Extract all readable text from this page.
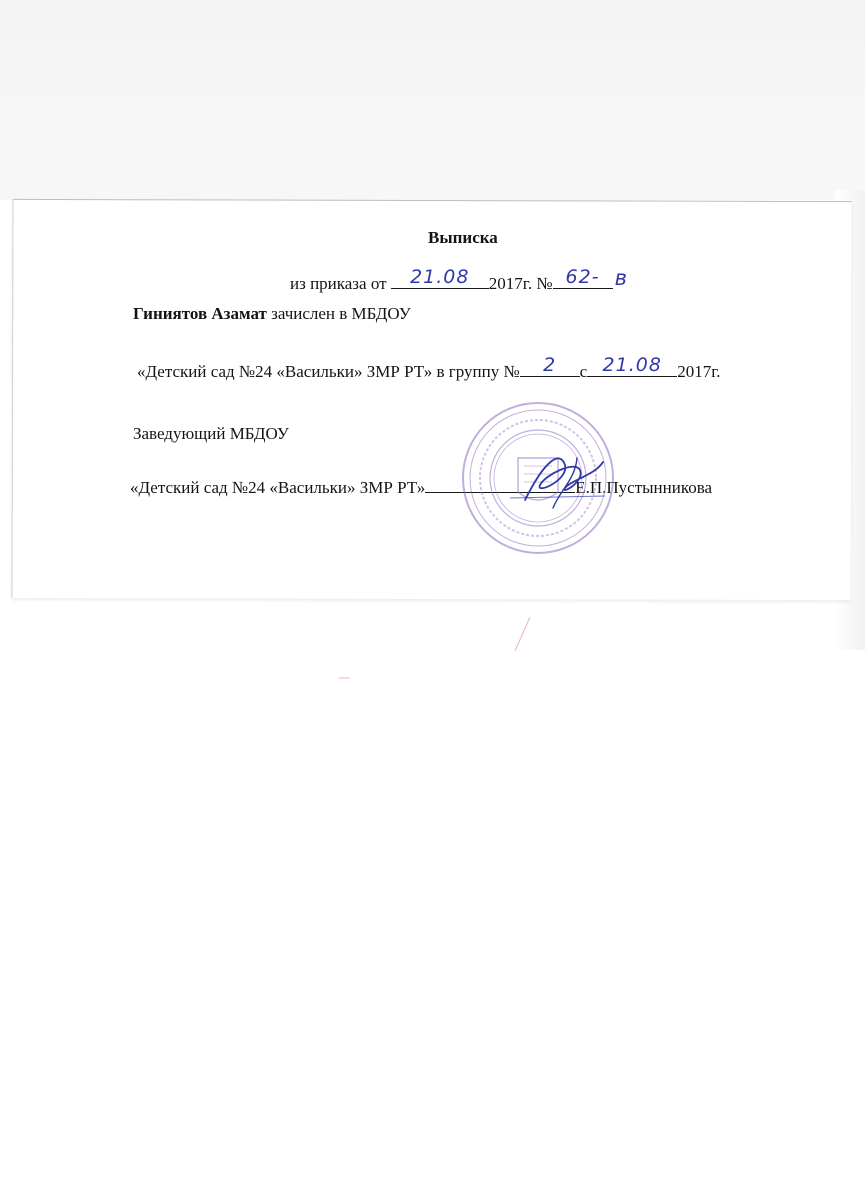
Выписка
из приказа от	21.08	2017г. № 62- в
Гиниятов Азамат зачислен в МБДОУ
«Детский сад №24 «Васильки» ЗМР РТ» в группу №	2	с 21.08 2017г.
Заведующий МБДОУ
«Детский сад №24 «Васильки» ЗМР РТ»	Е.П.Пустынникова
